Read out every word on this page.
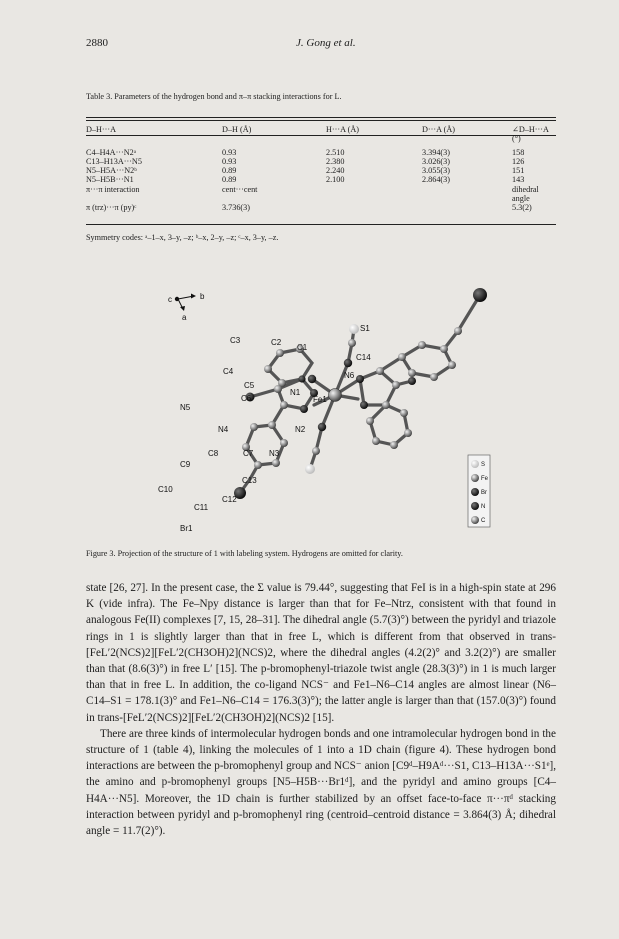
2880	J. Gong et al.
Table 3. Parameters of the hydrogen bond and π–π stacking interactions for L.
D–H···A	D–H (Å)	H···A (Å)	D···A (Å)	∠D–H···A (°)

C4–H4A···N2ᵃ	0.93	2.510	3.394(3)	158
C13–H13A···N5	0.93	2.380	3.026(3)	126
N5–H5A···N2ᵇ	0.89	2.240	3.055(3)	151
N5–H5B···N1	0.89	2.100	2.864(3)	143
π···π interaction	cent···cent			dihedral angle
π (trz)···π (py)ᶜ	3.736(3)			5.3(2)
Symmetry codes: ᵃ–1–x, 3–y, –z; ᵇ–x, 2–y, –z; ᶜ–x, 3–y, –z.
c	b
a
S1
C2
C1
C3
C14
C4	N6
C5
N1
C6	Fe1
N5
N4	N2
C8	C7 N3
C9
C13
C10
C12
C11
Br1
S
Fe
Br
N
C
Figure 3. Projection of the structure of 1 with labeling system. Hydrogens are omitted for clarity.

state [26, 27]. In the present case, the Σ value is 79.44°, suggesting that FeI is in a high-spin state at 296 K (vide infra). The Fe–Npy distance is larger than that for Fe–Ntrz, consistent with that found in analogous Fe(II) complexes [7, 15, 28–31]. The dihedral angle (5.7(3)°) between the pyridyl and triazole rings in 1 is slightly larger than that in free L, which is different from that observed in trans-[FeL′2(NCS)2][FeL′2(CH3OH)2](NCS)2, where the dihedral angles (4.2(2)° and 3.2(2)°) are smaller than that (8.6(3)°) in free L′ [15]. The p-bromophenyl-triazole twist angle (28.3(3)°) in 1 is much larger than that in free L. In addition, the co-ligand NCS⁻ and Fe1–N6–C14 angles are almost linear (N6–C14–S1 = 178.1(3)° and Fe1–N6–C14 = 176.3(3)°); the latter angle is larger than that (157.0(3)°) found in trans-[FeL′2(NCS)2][FeL′2(CH3OH)2](NCS)2 [15].

There are three kinds of intermolecular hydrogen bonds and one intramolecular hydrogen bond in the structure of 1 (table 4), linking the molecules of 1 into a 1D chain (figure 4). These hydrogen bond interactions are between the p-bromophenyl group and NCS⁻ anion [C9ᵈ–H9Aᵈ···S1, C13–H13A···S1ᵉ], the amino and p-bromophenyl groups [N5–H5B···Br1ᵈ], and the pyridyl and amino groups [C4–H4A···N5]. Moreover, the 1D chain is further stabilized by an offset face-to-face π···πᵈ stacking interaction between pyridyl and p-bromophenyl ring (centroid–centroid distance = 3.864(3) Å; dihedral angle = 11.7(2)°).
